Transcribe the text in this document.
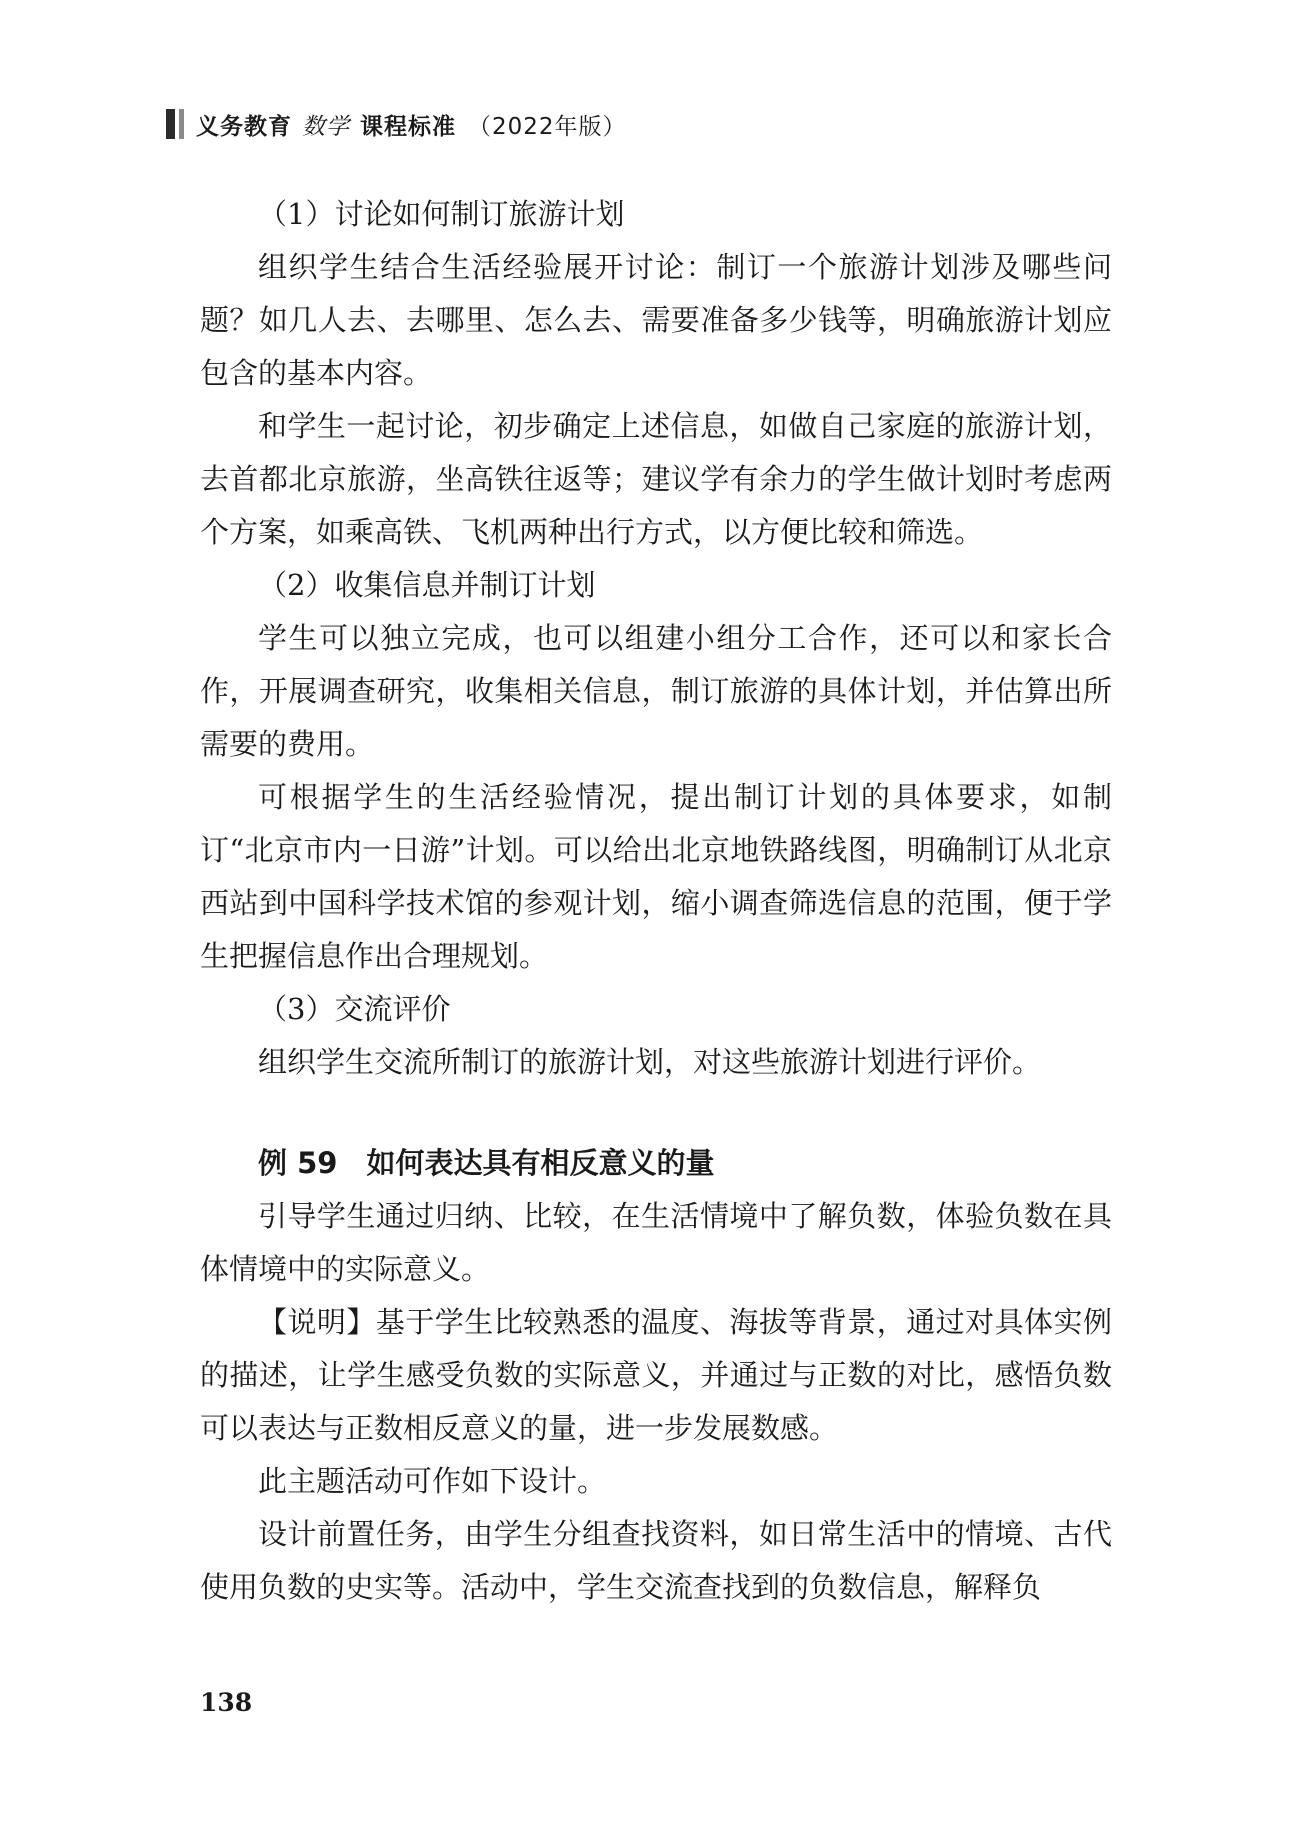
义务教育 数学 课程标准 （2022年版）

（1）讨论如何制订旅游计划

组织学生结合生活经验展开讨论：制订一个旅游计划涉及哪些问题？如几人去、去哪里、怎么去、需要准备多少钱等，明确旅游计划应包含的基本内容。

和学生一起讨论，初步确定上述信息，如做自己家庭的旅游计划，去首都北京旅游，坐高铁往返等；建议学有余力的学生做计划时考虑两个方案，如乘高铁、飞机两种出行方式，以方便比较和筛选。

（2）收集信息并制订计划

学生可以独立完成，也可以组建小组分工合作，还可以和家长合作，开展调查研究，收集相关信息，制订旅游的具体计划，并估算出所需要的费用。

可根据学生的生活经验情况，提出制订计划的具体要求，如制订“北京市内一日游”计划。可以给出北京地铁路线图，明确制订从北京西站到中国科学技术馆的参观计划，缩小调查筛选信息的范围，便于学生把握信息作出合理规划。

（3）交流评价

组织学生交流所制订的旅游计划，对这些旅游计划进行评价。

例 59　如何表达具有相反意义的量

引导学生通过归纳、比较，在生活情境中了解负数，体验负数在具体情境中的实际意义。

【说明】基于学生比较熟悉的温度、海拔等背景，通过对具体实例的描述，让学生感受负数的实际意义，并通过与正数的对比，感悟负数可以表达与正数相反意义的量，进一步发展数感。

此主题活动可作如下设计。

设计前置任务，由学生分组查找资料，如日常生活中的情境、古代使用负数的史实等。活动中，学生交流查找到的负数信息，解释负

138
